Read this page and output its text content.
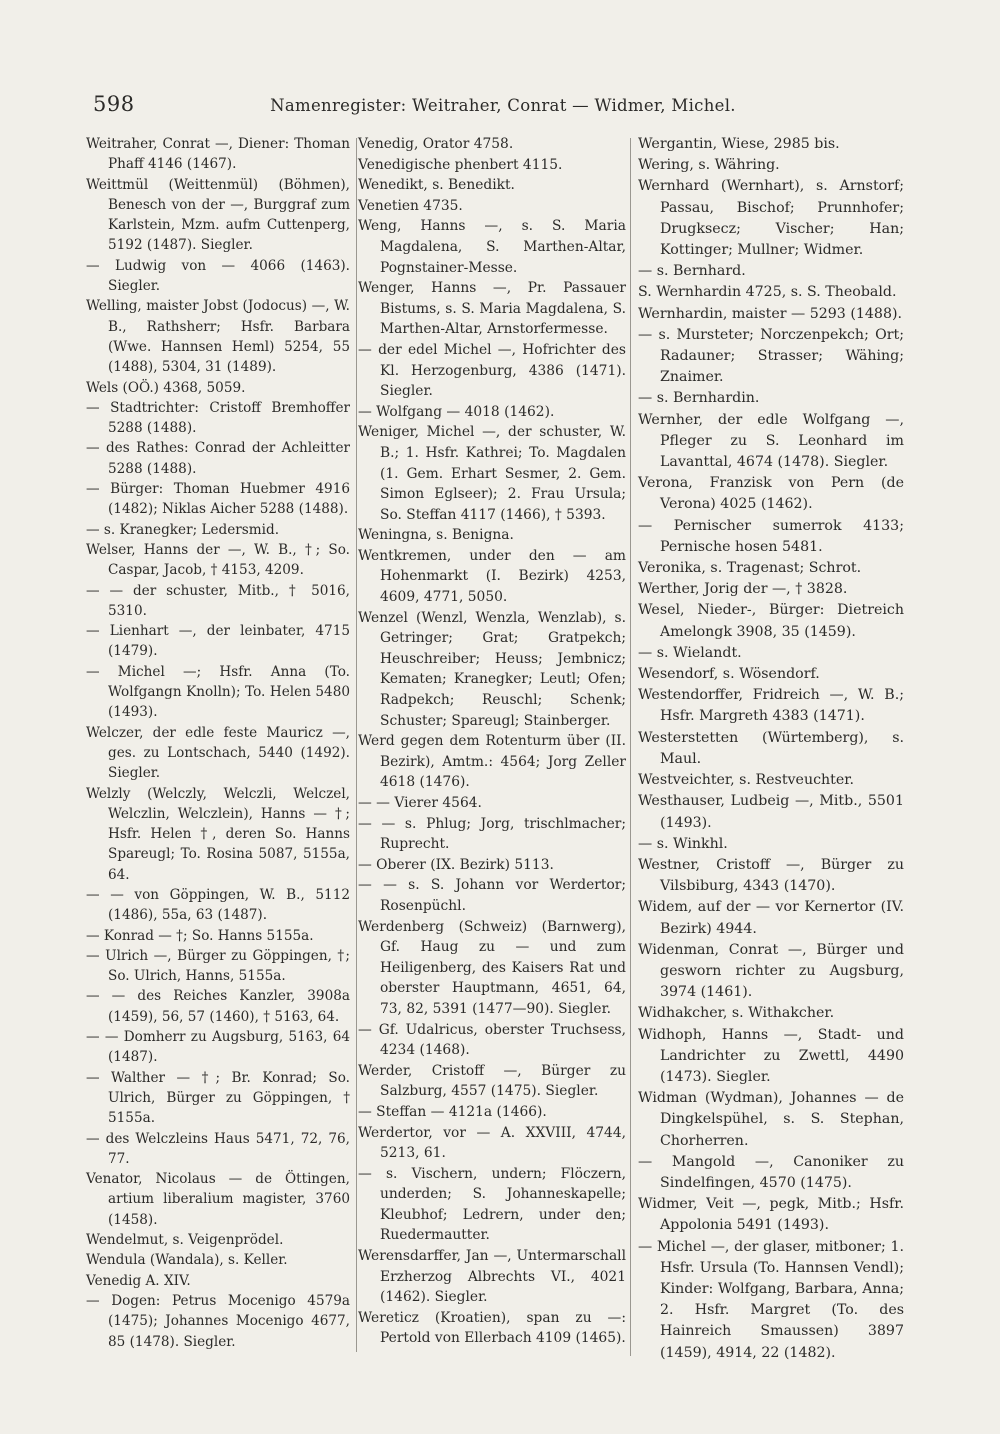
598	Namenregister: Weitraher, Conrat — Widmer, Michel.

Weitraher, Conrat —, Diener: Thoman Phaff 4146 (1467).

Weittmül (Weittenmül) (Böhmen), Benesch von der —, Burggraf zum Karlstein, Mzm. aufm Cuttenperg, 5192 (1487). Siegler.

— Ludwig von — 4066 (1463). Siegler.

Welling, maister Jobst (Jodocus) —, W. B., Rathsherr; Hsfr. Barbara (Wwe. Hannsen Heml) 5254, 55 (1488), 5304, 31 (1489).

Wels (OÖ.) 4368, 5059.

— Stadtrichter: Cristoff Bremhoffer 5288 (1488).

— des Rathes: Conrad der Achleitter 5288 (1488).

— Bürger: Thoman Huebmer 4916 (1482); Niklas Aicher 5288 (1488).

— s. Kranegker; Ledersmid.

Welser, Hanns der —, W. B., †; So. Caspar, Jacob, † 4153, 4209.

— — der schuster, Mitb., † 5016, 5310.

— Lienhart —, der leinbater, 4715 (1479).

— Michel —; Hsfr. Anna (To. Wolfgangn Knolln); To. Helen 5480 (1493).

Welczer, der edle feste Mauricz —, ges. zu Lontschach, 5440 (1492). Siegler.

Welzly (Welczly, Welczli, Welczel, Welczlin, Welczlein), Hanns — †; Hsfr. Helen †, deren So. Hanns Spareugl; To. Rosina 5087, 5155a, 64.

— — von Göppingen, W. B., 5112 (1486), 55a, 63 (1487).

— Konrad — †; So. Hanns 5155a.

— Ulrich —, Bürger zu Göppingen, †; So. Ulrich, Hanns, 5155a.

— — des Reiches Kanzler, 3908a (1459), 56, 57 (1460), † 5163, 64.

— — Domherr zu Augsburg, 5163, 64 (1487).

— Walther — †; Br. Konrad; So. Ulrich, Bürger zu Göppingen, † 5155a.

— des Welczleins Haus 5471, 72, 76, 77.

Venator, Nicolaus — de Öttingen, artium liberalium magister, 3760 (1458).

Wendelmut, s. Veigenprödel.

Wendula (Wandala), s. Keller.

Venedig A. XIV.

— Dogen: Petrus Mocenigo 4579a (1475); Johannes Mocenigo 4677, 85 (1478). Siegler.

Venedig, Orator 4758.

Venedigische phenbert 4115.

Wenedikt, s. Benedikt.

Venetien 4735.

Weng, Hanns —, s. S. Maria Magdalena, S. Marthen-Altar, Pognstainer-Messe.

Wenger, Hanns —, Pr. Passauer Bistums, s. S. Maria Magdalena, S. Marthen-Altar, Arnstorfermesse.

— der edel Michel —, Hofrichter des Kl. Herzogenburg, 4386 (1471). Siegler.

— Wolfgang — 4018 (1462).

Weniger, Michel —, der schuster, W. B.; 1. Hsfr. Kathrei; To. Magdalen (1. Gem. Erhart Sesmer, 2. Gem. Simon Eglseer); 2. Frau Ursula; So. Steffan 4117 (1466), † 5393.

Weningna, s. Benigna.

Wentkremen, under den — am Hohenmarkt (I. Bezirk) 4253, 4609, 4771, 5050.

Wenzel (Wenzl, Wenzla, Wenzlab), s. Getringer; Grat; Gratpekch; Heuschreiber; Heuss; Jembnicz; Kematen; Kranegker; Leutl; Ofen; Radpekch; Reuschl; Schenk; Schuster; Spareugl; Stainberger.

Werd gegen dem Rotenturm über (II. Bezirk), Amtm.: 4564; Jorg Zeller 4618 (1476).

— — Vierer 4564.

— — s. Phlug; Jorg, trischlmacher; Ruprecht.

— Oberer (IX. Bezirk) 5113.

— — s. S. Johann vor Werdertor; Rosenpüchl.

Werdenberg (Schweiz) (Barnwerg), Gf. Haug zu — und zum Heiligenberg, des Kaisers Rat und oberster Hauptmann, 4651, 64, 73, 82, 5391 (1477—90). Siegler.

— Gf. Udalricus, oberster Truchsess, 4234 (1468).

Werder, Cristoff —, Bürger zu Salzburg, 4557 (1475). Siegler.

— Steffan — 4121a (1466).

Werdertor, vor — A. XXVIII, 4744, 5213, 61.

— s. Vischern, undern; Flöczern, underden; S. Johanneskapelle; Kleubhof; Ledrern, under den; Ruedermautter.

Werensdarffer, Jan —, Untermarschall Erzherzog Albrechts VI., 4021 (1462). Siegler.

Wereticz (Kroatien), span zu —: Pertold von Ellerbach 4109 (1465).

Wergantin, Wiese, 2985 bis.

Wering, s. Währing.

Wernhard (Wernhart), s. Arnstorf; Passau, Bischof; Prunnhofer; Drugksecz; Vischer; Han; Kottinger; Mullner; Widmer.

— s. Bernhard.

S. Wernhardin 4725, s. S. Theobald.

Wernhardin, maister — 5293 (1488).

— s. Mursteter; Norczenpekch; Ort; Radauner; Strasser; Wähing; Znaimer.

— s. Bernhardin.

Wernher, der edle Wolfgang —, Pfleger zu S. Leonhard im Lavanttal, 4674 (1478). Siegler.

Verona, Franzisk von Pern (de Verona) 4025 (1462).

— Pernischer sumerrok 4133; Pernische hosen 5481.

Veronika, s. Tragenast; Schrot.

Werther, Jorig der —, † 3828.

Wesel, Nieder-, Bürger: Dietreich Amelongk 3908, 35 (1459).

— s. Wielandt.

Wesendorf, s. Wösendorf.

Westendorffer, Fridreich —, W. B.; Hsfr. Margreth 4383 (1471).

Westerstetten (Würtemberg), s. Maul.

Westveichter, s. Restveuchter.

Westhauser, Ludbeig —, Mitb., 5501 (1493).

— s. Winkhl.

Westner, Cristoff —, Bürger zu Vilsbiburg, 4343 (1470).

Widem, auf der — vor Kernertor (IV. Bezirk) 4944.

Widenman, Conrat —, Bürger und gesworn richter zu Augsburg, 3974 (1461).

Widhakcher, s. Withakcher.

Widhoph, Hanns —, Stadt- und Landrichter zu Zwettl, 4490 (1473). Siegler.

Widman (Wydman), Johannes — de Dingkelspühel, s. S. Stephan, Chorherren.

— Mangold —, Canoniker zu Sindelfingen, 4570 (1475).

Widmer, Veit —, pegk, Mitb.; Hsfr. Appolonia 5491 (1493).

— Michel —, der glaser, mitboner; 1. Hsfr. Ursula (To. Hannsen Vendl); Kinder: Wolfgang, Barbara, Anna; 2. Hsfr. Margret (To. des Hainreich Smaussen) 3897 (1459), 4914, 22 (1482).
